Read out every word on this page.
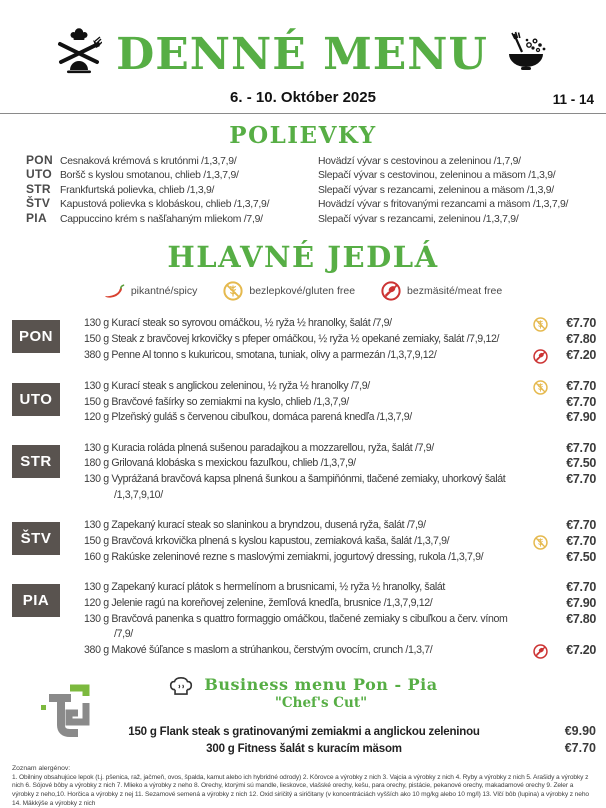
DENNÉ MENU
6. - 10. Október 2025	11 - 14
POLIEVKY
PON Cesnaková krémová s krutónmi /1,3,7,9/	Hovädzí vývar s cestovinou a zeleninou /1,7,9/
UTO Boršč s kyslou smotanou, chlieb /1,3,7,9/	Slepačí vývar s cestovinou, zeleninou a mäsom /1,3,9/
STR Frankfurtská polievka, chlieb /1,3,9/	Slepačí vývar s rezancami, zeleninou a mäsom /1,3,9/
ŠTV Kapustová polievka s klobáskou, chlieb /1,3,7,9/	Hovädzí vývar s fritovanými rezancami a mäsom /1,3,7,9/
PIA	Cappuccino krém s našľahaným mliekom /7,9/	Slepačí vývar s rezancami, zeleninou /1,3,7,9/
HLAVNÉ JEDLÁ
pikantné/spicy	bezlepkové/gluten free	bezmäsité/meat free
PON
130 g Kurací steak so syrovou omáčkou, ½ ryža ½ hranolky, šalát /7,9/	€7.70
150 g Steak z bravčovej krkovičky s pfeper omáčkou, ½ ryža ½ opekané zemiaky, šalát /7,9,12/	€7.80
380 g Penne Al tonno s kukuricou, smotana, tuniak, olivy a parmezán /1,3,7,9,12/	€7.20
UTO
130 g Kurací steak s anglickou zeleninou, ½ ryža ½ hranolky /7,9/	€7.70
150 g Bravčové fašírky so zemiakmi na kyslo, chlieb /1,3,7,9/	€7.70
120 g Plzeňský guláš s červenou cibuľkou, domáca parená knedľa /1,3,7,9/	€7.90
STR
130 g Kuracia roláda plnená sušenou paradajkou a mozzarellou, ryža, šalát /7,9/	€7.70
180 g Grilovaná klobáska s mexickou fazuľkou, chlieb /1,3,7,9/	€7.50
130 g Vyprážaná bravčová kapsa plnená šunkou a šampiňónmi, tlačené zemiaky, uhorkový šalát /1,3,7,9,10/
€7.70
ŠTV
130 g Zapekaný kurací steak so slaninkou a bryndzou, dusená ryža, šalát /7,9/	€7.70
150 g Bravčová krkovička plnená s kyslou kapustou, zemiaková kaša, šalát /1,3,7,9/	€7.70
160 g Rakúske zeleninové rezne s maslovými zemiakmi, jogurtový dressing, rukola /1,3,7,9/	€7.50
PIA
130 g Zapekaný kurací plátok s hermelínom a brusnicami, ½ ryža ½ hranolky, šalát	€7.70
120 g Jelenie ragú na koreňovej zelenine, žemľová knedľa, brusnice /1,3,7,9,12/	€7.90
130 g Bravčová panenka s quattro formaggio omáčkou, tlačené zemiaky s cibuľkou a červ. vínom /7,9/
€7.80
380 g Makové šúľance s maslom a strúhankou, čerstvým ovocím, crunch /1,3,7/	€7.20
Business menu Pon - Pia
"Chef's Cut"
150 g Flank steak s gratinovanými zemiakmi a anglickou zeleninou	€9.90
300 g Fitness šalát s kuracím mäsom	€7.70
Zoznam alergénov:
1. Obilniny obsahujúce lepok (t.j. pšenica, raž, jačmeň, ovos, špalda, kamut alebo ich hybridné odrody) 2. Kôrovce a výrobky z nich 3. Vajcia a výrobky z nich 4. Ryby a výrobky z nich 5. Arašidy a výrobky z nich 6. Sójové bôby a výrobky z nich 7. Mlieko a výrobky z neho 8. Orechy, ktorými sú mandle, lieskovce, vlašské orechy, kešu, para orechy, pistácie, pekanové orechy, makadamové orechy 9. Zeler a výrobky z neho,10. Horčica a výrobky z nej 11. Sezamové semená a výrobky z nich 12. Oxid siričitý a siričitany (v koncentráciách vyšších ako 10 mg/kg alebo 10 mg/l) 13. Vlčí bôb (lupina) a výrobky z neho 14. Mäkkýše a výrobky z nich
